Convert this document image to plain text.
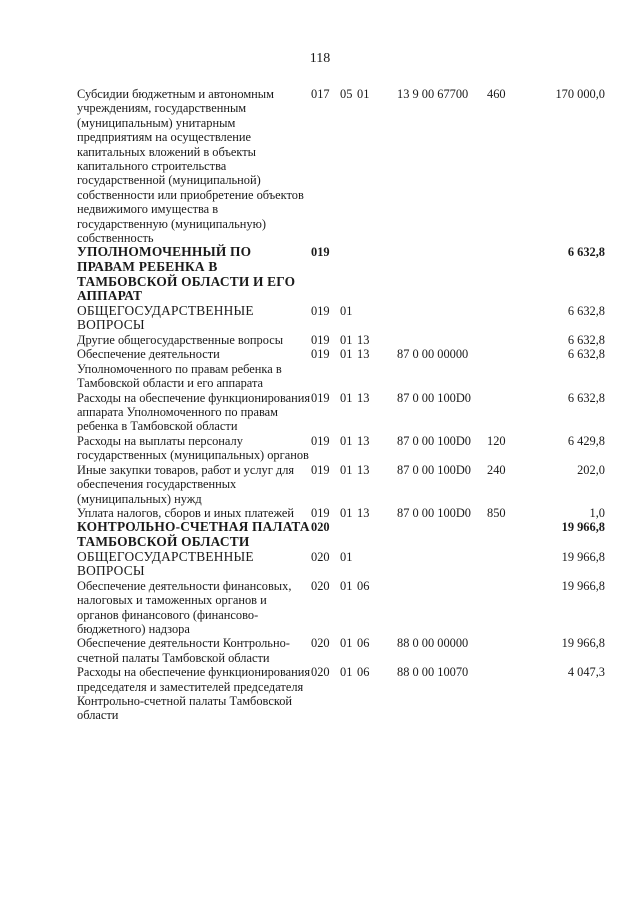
118
Субсидии бюджетным и автономным учреждениям, государственным (муниципальным) унитарным предприятиям на осуществление капитальных вложений в объекты капитального строительства государственной (муниципальной) собственности или приобретение объектов недвижимого имущества в государственную (муниципальную) собственность	017	05	01	13 9 00 67700	460	170 000,0
УПОЛНОМОЧЕННЫЙ ПО ПРАВАМ РЕБЕНКА В ТАМБОВСКОЙ ОБЛАСТИ И ЕГО АППАРАТ	019					6 632,8
ОБЩЕГОСУДАРСТВЕННЫЕ ВОПРОСЫ	019	01				6 632,8
Другие общегосударственные вопросы	019	01	13			6 632,8
Обеспечение деятельности Уполномоченного по правам ребенка в Тамбовской области и его аппарата	019	01	13	87 0 00 00000		6 632,8
Расходы на обеспечение функционирования аппарата Уполномоченного по правам ребенка в Тамбовской области	019	01	13	87 0 00 100D0		6 632,8
Расходы на выплаты персоналу государственных (муниципальных) органов	019	01	13	87 0 00 100D0	120	6 429,8
Иные закупки товаров, работ и услуг для обеспечения государственных (муниципальных) нужд	019	01	13	87 0 00 100D0	240	202,0
Уплата налогов, сборов и иных платежей	019	01	13	87 0 00 100D0	850	1,0
КОНТРОЛЬНО-СЧЕТНАЯ ПАЛАТА ТАМБОВСКОЙ ОБЛАСТИ	020					19 966,8
ОБЩЕГОСУДАРСТВЕННЫЕ ВОПРОСЫ	020	01				19 966,8
Обеспечение деятельности финансовых, налоговых и таможенных органов и органов финансового (финансово-бюджетного) надзора	020	01	06			19 966,8
Обеспечение деятельности Контрольно-счетной палаты Тамбовской области	020	01	06	88 0 00 00000		19 966,8
Расходы на обеспечение функционирования председателя и заместителей председателя Контрольно-счетной палаты Тамбовской области	020	01	06	88 0 00 10070		4 047,3
